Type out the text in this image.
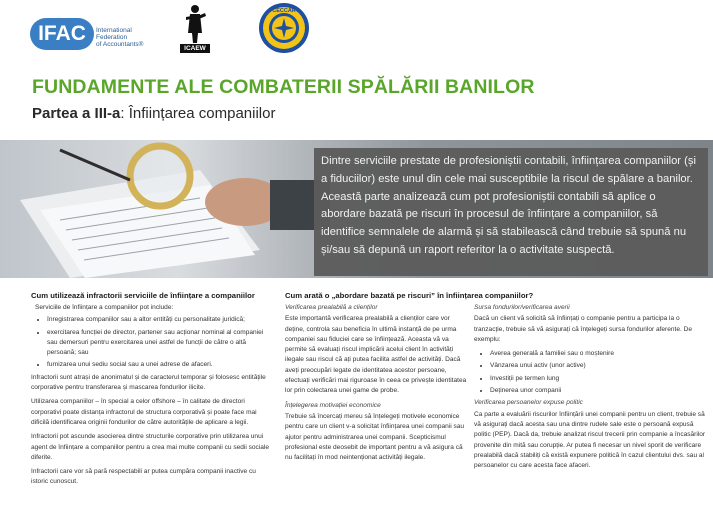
IFAC	International
Federation
of Accountants®
ICAEW
CECCAR
FUNDAMENTE ALE COMBATERII SPĂLĂRII BANILOR
Partea a III-a: Înființarea companiilor
Dintre serviciile prestate de profesioniștii contabili, înființarea companiilor (și a fiduciilor) este unul din cele mai susceptibile la riscul de spălare a banilor. Această parte analizează cum pot profesioniștii contabili să aplice o abordare bazată pe riscuri în procesul de înființare a companiilor, să identifice semnalele de alarmă și să stabilească când trebuie să spună nu și/sau să depună un raport referitor la o activitate suspectă.
Cum utilizează infractorii serviciile de înființare a companiilor

Serviciile de înființare a companiilor pot include:

• înregistrarea companiilor sau a altor entități cu personalitate juridică;
• exercitarea funcției de director, partener sau acționar nominal al companiei sau demersuri pentru exercitarea unei astfel de funcții de către o altă persoană; sau
• furnizarea unui sediu social sau a unei adrese de afaceri.

Infractorii sunt atrași de anonimatul și de caracterul temporar și folosesc entitățile corporative pentru transferarea și mascarea fondurilor ilicite.

Utilizarea companiilor – în special a celor offshore – în calitate de directori corporativi poate distanța infractorul de structura corporativă și poate face mai dificilă identificarea originii fondurilor de către autoritățile de aplicare a legii.

Infractorii pot ascunde asocierea dintre structurile corporative prin utilizarea unui agent de înființare a companiilor pentru a crea mai multe companii cu sedii sociale diferite.

Infractorii care vor să pară respectabili ar putea cumpăra companii inactive cu istoric cunoscut.

Cum arată o „abordare bazată pe riscuri” în înființarea companiilor?

Verificarea prealabilă a clienților

Este importantă verificarea prealabilă a clienților care vor deține, controla sau beneficia în ultimă instanță de pe urma companiei sau fiduciei care se înființează. Aceasta vă va permite să evaluați riscul implicării acelui client în activități ilegale sau riscul că ați putea facilita astfel de activități. Dacă aveți preocupări legate de identitatea acestor persoane, efectuați verificări mai riguroase în ceea ce privește identitatea lor prin colectarea unei game de probe.

Înțelegerea motivației economice

Trebuie să încercați mereu să înțelegeți motivele economice pentru care un client v-a solicitat înființarea unei companii sau ajutor pentru administrarea unei companii. Scepticismul profesional este deosebit de important pentru a vă asigura că nu facilitați în mod neintenționat activități ilegale.

Sursa fondurilor/verificarea averii

Dacă un client vă solicită să înființați o companie pentru a participa la o tranzacție, trebuie să vă asigurați că înțelegeți sursa fondurilor aferente. De exemplu:

• Averea generală a familiei sau o moștenire
• Vânzarea unui activ (unor active)
• Investiții pe termen lung
• Deținerea unor companii

Verificarea persoanelor expuse politic

Ca parte a evaluării riscurilor înființării unei companii pentru un client, trebuie să vă asigurați dacă acesta sau una dintre rudele sale este o persoană expusă politic (PEP). Dacă da, trebuie analizat riscul trecerii prin companie a încasărilor provenite din mită sau corupție. Ar putea fi necesar un nivel sporit de verificare prealabilă dacă stabiliți că există expunere politică în cazul clientului dvs. sau al persoanelor cu care acesta face afaceri.
